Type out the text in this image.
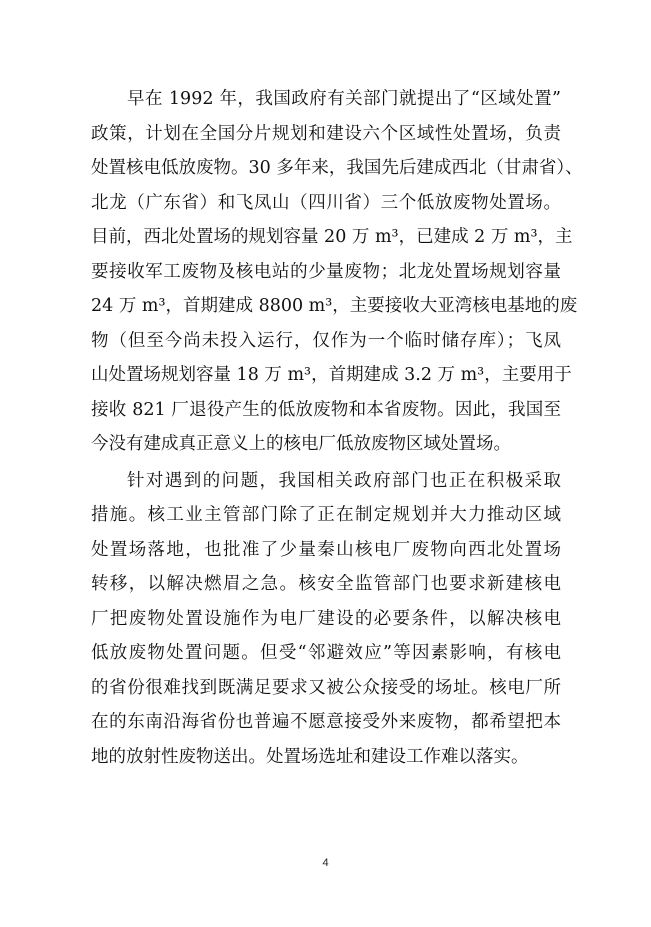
早在 1992 年，我国政府有关部门就提出了“区域处置”
政策，计划在全国分片规划和建设六个区域性处置场，负责
处置核电低放废物。30 多年来，我国先后建成西北（甘肃省）、
北龙（广东省）和飞凤山（四川省）三个低放废物处置场。
目前，西北处置场的规划容量 20 万 m³，已建成 2 万 m³，主
要接收军工废物及核电站的少量废物；北龙处置场规划容量
24 万 m³，首期建成 8800 m³，主要接收大亚湾核电基地的废
物（但至今尚未投入运行，仅作为一个临时储存库）；飞凤
山处置场规划容量 18 万 m³，首期建成 3.2 万 m³，主要用于
接收 821 厂退役产生的低放废物和本省废物。因此，我国至
今没有建成真正意义上的核电厂低放废物区域处置场。
针对遇到的问题，我国相关政府部门也正在积极采取
措施。核工业主管部门除了正在制定规划并大力推动区域
处置场落地，也批准了少量秦山核电厂废物向西北处置场
转移，以解决燃眉之急。核安全监管部门也要求新建核电
厂把废物处置设施作为电厂建设的必要条件，以解决核电
低放废物处置问题。但受“邻避效应”等因素影响，有核电
的省份很难找到既满足要求又被公众接受的场址。核电厂所
在的东南沿海省份也普遍不愿意接受外来废物，都希望把本
地的放射性废物送出。处置场选址和建设工作难以落实。
4
